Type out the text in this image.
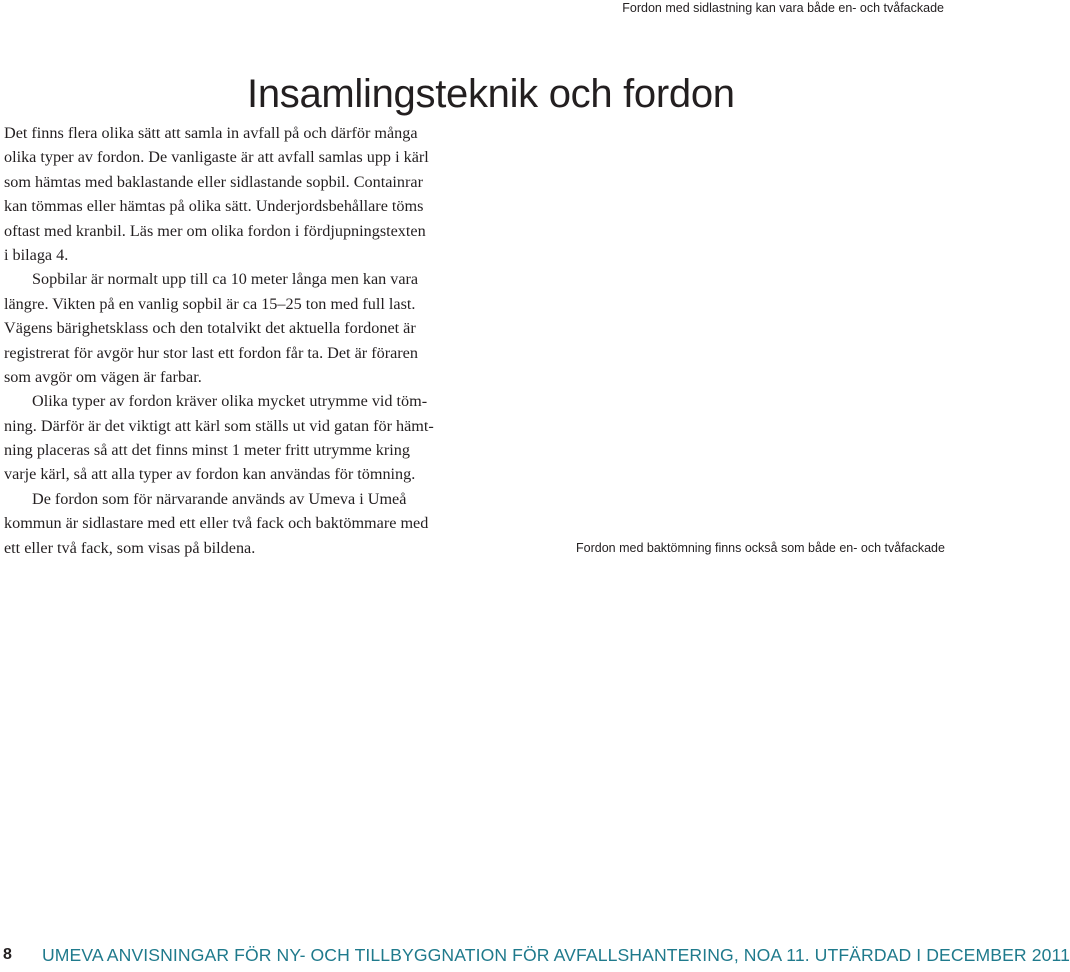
Fordon med sidlastning kan vara både en- och tvåfackade
Insamlingsteknik och fordon
Det finns flera olika sätt att samla in avfall på och därför många
olika typer av fordon. De vanligaste är att avfall samlas upp i kärl
som hämtas med baklastande eller sidlastande sopbil. Containrar
kan tömmas eller hämtas på olika sätt. Underjordsbehållare töms
oftast med kranbil. Läs mer om olika fordon i fördjupningstexten
i bilaga 4.
Sopbilar är normalt upp till ca 10 meter långa men kan vara
längre. Vikten på en vanlig sopbil är ca 15–25 ton med full last.
Vägens bärighetsklass och den totalvikt det aktuella fordonet är
registrerat för avgör hur stor last ett fordon får ta. Det är föraren
som avgör om vägen är farbar.
Olika typer av fordon kräver olika mycket utrymme vid töm-
ning. Därför är det viktigt att kärl som ställs ut vid gatan för hämt-
ning placeras så att det finns minst 1 meter fritt utrymme kring
varje kärl, så att alla typer av fordon kan användas för tömning.
De fordon som för närvarande används av Umeva i Umeå
kommun är sidlastare med ett eller två fack och baktömmare med
ett eller två fack, som visas på bildena.	Fordon med baktömning finns också som både en- och tvåfackade
8 UMEVA ANVISNINGAR FÖR NY- OCH TILLBYGGNATION FÖR AVFALLSHANTERING, NOA 11. UTFÄRDAD I DECEMBER 2011
